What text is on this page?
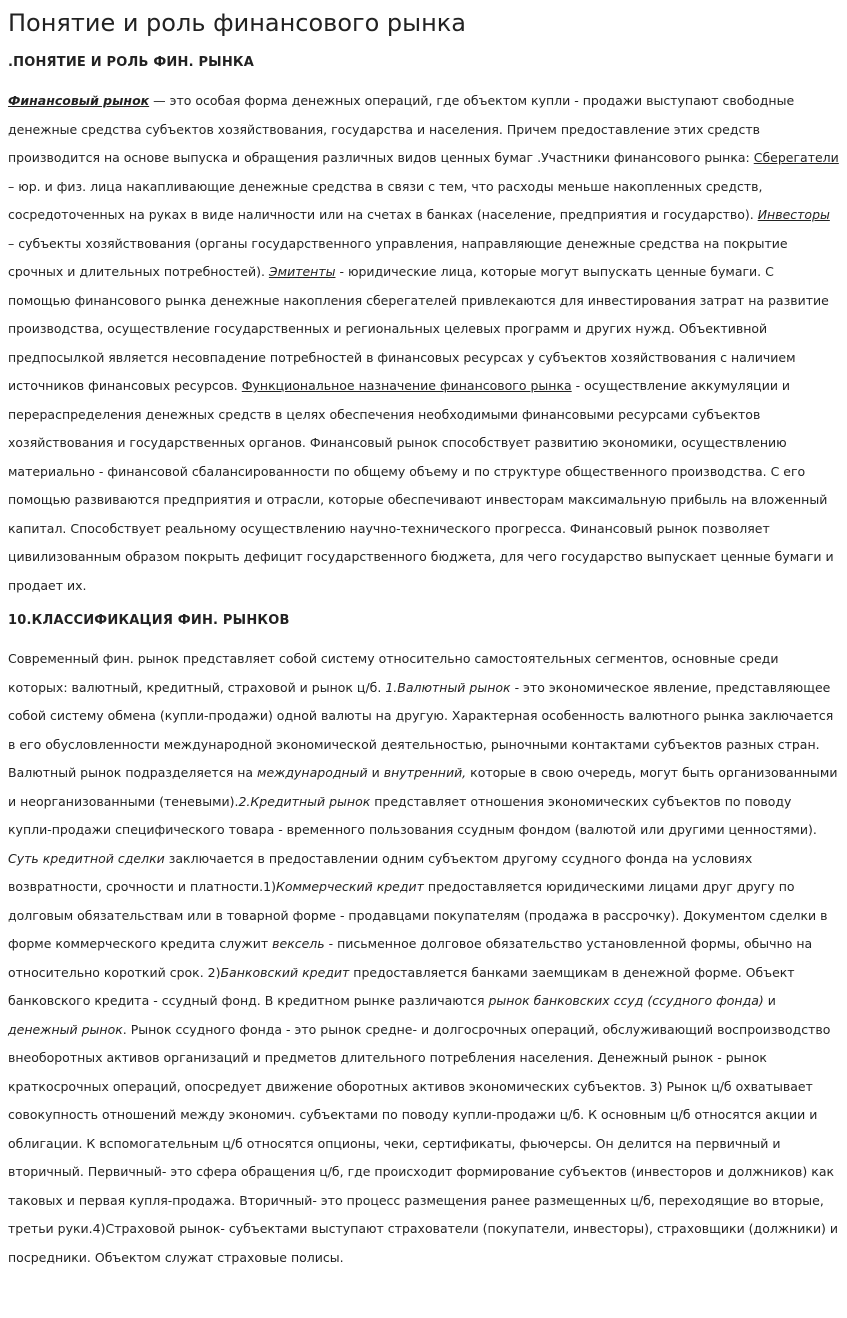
Понятие и роль финансового рынка
.ПОНЯТИЕ И РОЛЬ ФИН. РЫНКА

Финансовый рынок — это особая форма денежных операций, где объектом купли - продажи выступают свободные денежные средства субъектов хозяйствования, государства и населения. Причем предоставление этих средств производится на основе выпуска и обращения различных видов ценных бумаг .Участники финансового рынка: Сберегатели – юр. и физ. лица накапливающие денежные средства в связи с тем, что расходы меньше накопленных средств, сосредоточенных на руках в виде наличности или на счетах в банках (население, предприятия и государство). Инвесторы – субъекты хозяйствования (органы государственного управления, направляющие денежные средства на покрытие срочных и длительных потребностей). Эмитенты - юридические лица, которые могут выпускать ценные бумаги. С помощью финансового рынка денежные накопления сберегателей привлекаются для инвестирования затрат на развитие производства, осуществление государственных и региональных целевых программ и других нужд. Объективной предпосылкой является несовпадение потребностей в финансовых ресурсах у субъектов хозяйствования с наличием источников финансовых ресурсов. Функциональное назначение финансового рынка - осуществление аккумуляции и перераспределения денежных средств в целях обеспечения необходимыми финансовыми ресурсами субъектов хозяйствования и государственных органов. Финансовый рынок способствует развитию экономики, осуществлению материально - финансовой сбалансированности по общему объему и по структуре общественного производства. С его помощью развиваются предприятия и отрасли, которые обеспечивают инвесторам максимальную прибыль на вложенный капитал. Способствует реальному осуществлению научно-технического прогресса. Финансовый рынок позволяет цивилизованным образом покрыть дефицит государственного бюджета, для чего государство выпускает ценные бумаги и продает их.

10.КЛАССИФИКАЦИЯ ФИН. РЫНКОВ

Современный фин. рынок представляет собой систему относительно самостоятельных сегментов, основные среди которых: валютный, кредитный, страховой и рынок ц/б. 1.Валютный рынок - это экономическое явление, представляющее собой систему обмена (купли-продажи) одной валюты на другую. Характерная особенность валютного рынка заключается в его обусловленности международной экономической деятельностью, рыночными контактами субъектов разных стран. Валютный рынок подразделяется на международный и внутренний, которые в свою очередь, могут быть организованными и неорганизованными (теневыми).2.Кредитный рынок представляет отношения экономических субъектов по поводу купли-продажи специфического товара - временного пользования ссудным фондом (валютой или другими ценностями). Суть кредитной сделки заключается в предоставлении одним субъектом другому ссудного фонда на условиях возвратности, срочности и платности.1)Коммерческий кредит предоставляется юридическими лицами друг другу по долговым обязательствам или в товарной форме - продавцами покупателям (продажа в рассрочку). Документом сделки в форме коммерческого кредита служит вексель - письменное долговое обязательство установленной формы, обычно на относительно короткий срок. 2)Банковский кредит предоставляется банками заемщикам в денежной форме. Объект банковского кредита - ссудный фонд. В кредитном рынке различаются рынок банковских ссуд (ссудного фонда) и денежный рынок. Рынок ссудного фонда - это рынок средне- и долгосрочных операций, обслуживающий воспроизводство внеоборотных активов организаций и предметов длительного потребления населения. Денежный рынок - рынок краткосрочных операций, опосредует движение оборотных активов экономических субъектов. 3) Рынок ц/б охватывает совокупность отношений между экономич. субъектами по поводу купли-продажи ц/б. К основным ц/б относятся акции и облигации. К вспомогательным ц/б относятся опционы, чеки, сертификаты, фьючерсы. Он делится на первичный и вторичный. Первичный- это сфера обращения ц/б, где происходит формирование субъектов (инвесторов и должников) как таковых и первая купля-продажа. Вторичный- это процесс размещения ранее размещенных ц/б, переходящие во вторые, третьи руки.4)Страховой рынок- субъектами выступают страхователи (покупатели, инвесторы), страховщики (должники) и посредники. Объектом служат страховые полисы.
